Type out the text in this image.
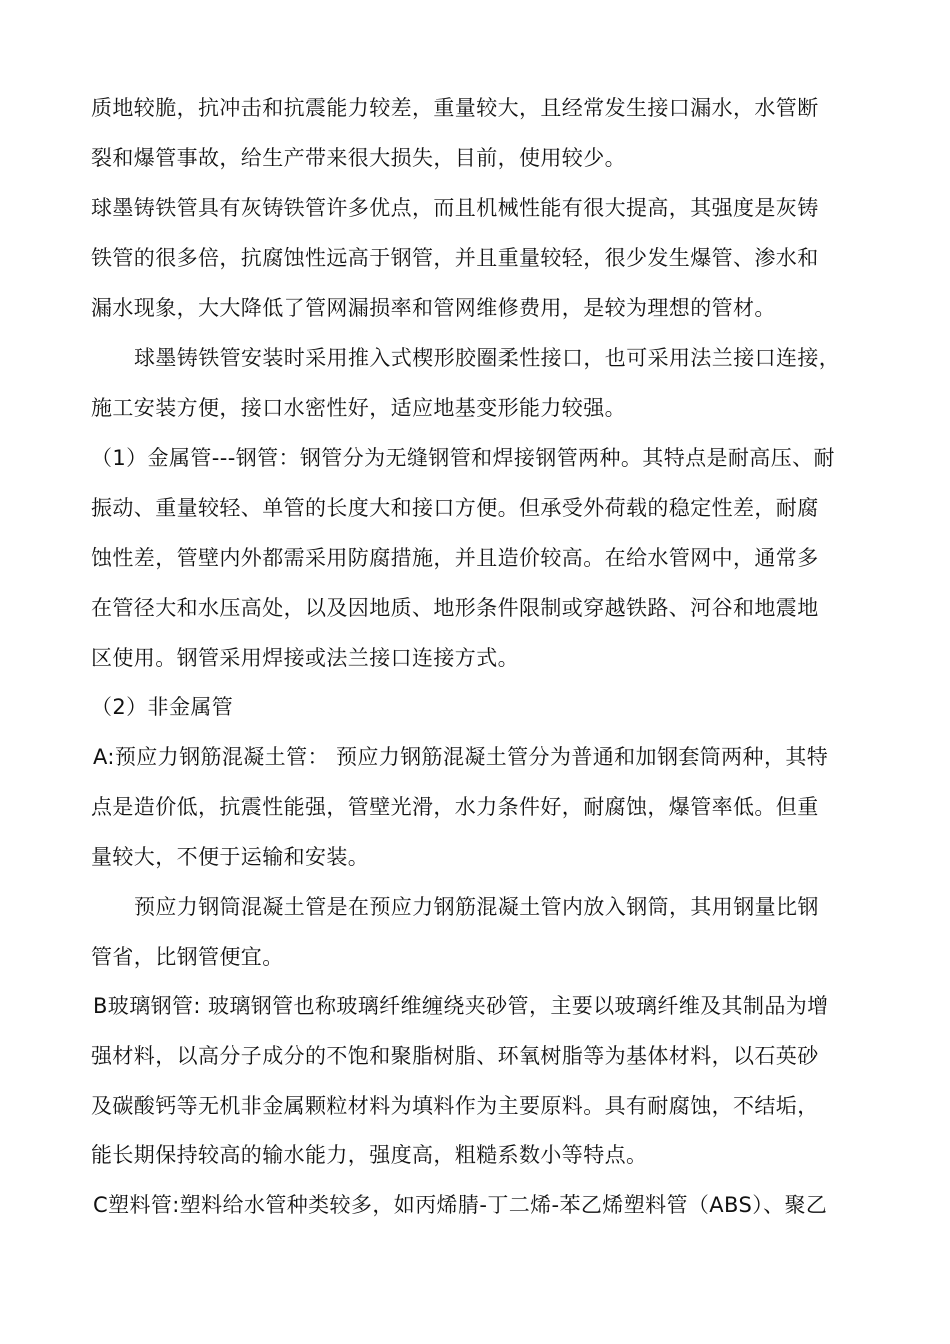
质地较脆，抗冲击和抗震能力较差，重量较大，且经常发生接口漏水，水管断
裂和爆管事故，给生产带来很大损失，目前，使用较少。
球墨铸铁管具有灰铸铁管许多优点，而且机械性能有很大提高，其强度是灰铸
铁管的很多倍，抗腐蚀性远高于钢管，并且重量较轻，很少发生爆管、渗水和
漏水现象，大大降低了管网漏损率和管网维修费用，是较为理想的管材。
球墨铸铁管安装时采用推入式楔形胶圈柔性接口，也可采用法兰接口连接，
施工安装方便，接口水密性好，适应地基变形能力较强。
（1）金属管---钢管：钢管分为无缝钢管和焊接钢管两种。其特点是耐高压、耐
振动、重量较轻、单管的长度大和接口方便。但承受外荷载的稳定性差，耐腐
蚀性差，管壁内外都需采用防腐措施，并且造价较高。在给水管网中，通常多
在管径大和水压高处，以及因地质、地形条件限制或穿越铁路、河谷和地震地
区使用。钢管采用焊接或法兰接口连接方式。
（2）非金属管
A:预应力钢筋混凝土管： 预应力钢筋混凝土管分为普通和加钢套筒两种，其特
点是造价低，抗震性能强，管壁光滑，水力条件好，耐腐蚀，爆管率低。但重
量较大，不便于运输和安装。
预应力钢筒混凝土管是在预应力钢筋混凝土管内放入钢筒，其用钢量比钢
管省，比钢管便宜。
B玻璃钢管: 玻璃钢管也称玻璃纤维缠绕夹砂管，主要以玻璃纤维及其制品为增
强材料，以高分子成分的不饱和聚脂树脂、环氧树脂等为基体材料，以石英砂
及碳酸钙等无机非金属颗粒材料为填料作为主要原料。具有耐腐蚀，不结垢，
能长期保持较高的输水能力，强度高，粗糙系数小等特点。
C塑料管:塑料给水管种类较多，如丙烯腈-丁二烯-苯乙烯塑料管（ABS）、聚乙
